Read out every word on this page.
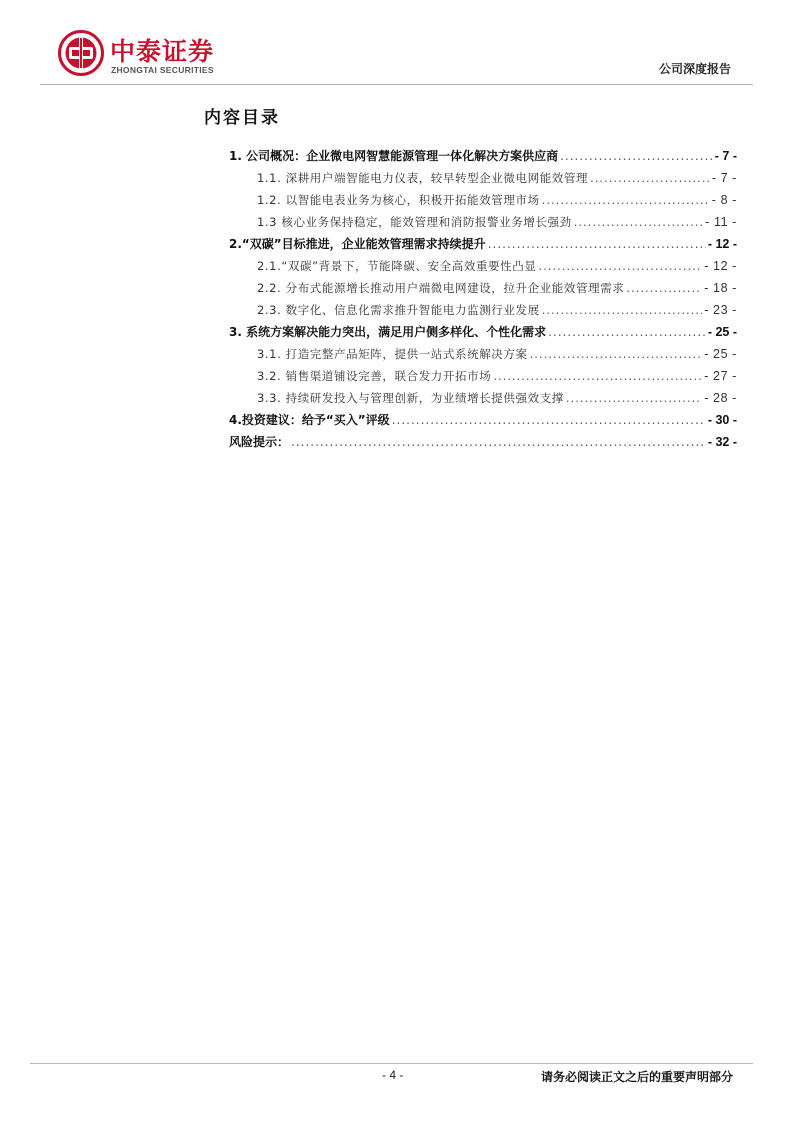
中泰证券
ZHONGTAI SECURITIES	公司深度报告
内容目录
1. 公司概况：企业微电网智慧能源管理一体化解决方案供应商 .....	- 7 -
1.1. 深耕用户端智能电力仪表，较早转型企业微电网能效管理 .....	- 7 -
1.2. 以智能电表业务为核心，积极开拓能效管理市场 .....	- 8 -
1.3 核心业务保持稳定，能效管理和消防报警业务增长强劲 .....	- 11 -
2.“双碳”目标推进，企业能效管理需求持续提升 .....	- 12 -
2.1.“双碳”背景下，节能降碳、安全高效重要性凸显 .....	- 12 -
2.2. 分布式能源增长推动用户端微电网建设，拉升企业能效管理需求 .....	- 18 -
2.3. 数字化、信息化需求推升智能电力监测行业发展 .....	- 23 -
3. 系统方案解决能力突出，满足用户侧多样化、个性化需求 .....	- 25 -
3.1. 打造完整产品矩阵，提供一站式系统解决方案 .....	- 25 -
3.2. 销售渠道铺设完善，联合发力开拓市场 .....	- 27 -
3.3. 持续研发投入与管理创新，为业绩增长提供强效支撑 .....	- 28 -
4.投资建议：给予“买入”评级 .....	- 30 -
风险提示： .....	- 32 -
- 4 -	请务必阅读正文之后的重要声明部分
